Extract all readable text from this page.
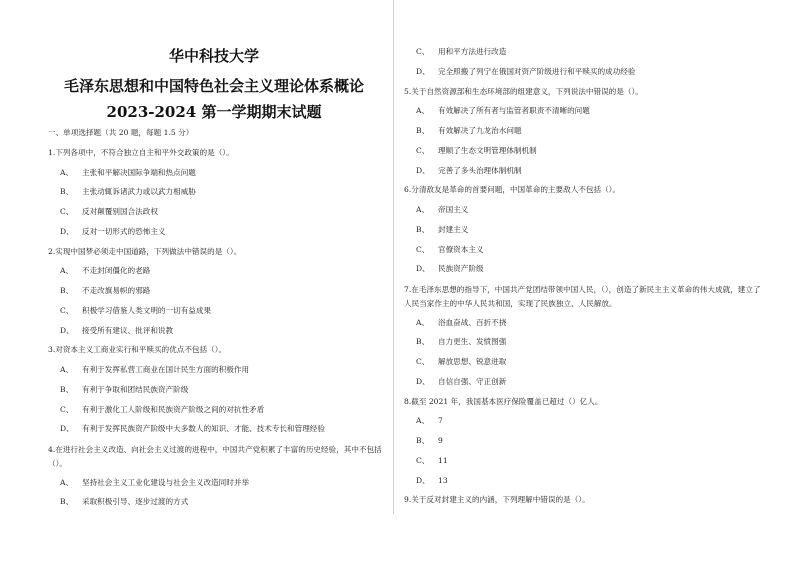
华中科技大学
毛泽东思想和中国特色社会主义理论体系概论
2023-2024 第一学期期末试题
一、单项选择题（共 20 题，每题 1.5 分）
1.下列各项中，不符合独立自主和平外交政策的是（）。
A、 主张和平解决国际争端和热点问题
B、 主张动辄诉诸武力或以武力相威胁
C、 反对颠覆别国合法政权
D、 反对一切形式的恐怖主义
2.实现中国梦必须走中国道路，下列做法中错误的是（）。
A、 不走封闭僵化的老路
B、 不走改旗易帜的邪路
C、 积极学习借鉴人类文明的一切有益成果
D、 接受所有建议、批评和说教
3.对资本主义工商业实行和平赎买的优点不包括（）。
A、 有利于发挥私营工商业在国计民生方面的积极作用
B、 有利于争取和团结民族资产阶级
C、 有利于激化工人阶级和民族资产阶级之间的对抗性矛盾
D、 有利于发挥民族资产阶级中大多数人的知识、才能、技术专长和管理经验
4.在进行社会主义改造、向社会主义过渡的进程中，中国共产党积累了丰富的历史经验，其中不包括（）。
A、 坚持社会主义工业化建设与社会主义改造同时并举
B、 采取积极引导、逐步过渡的方式
C、 用和平方法进行改造
D、 完全照搬了列宁在俄国对资产阶级进行和平赎买的成功经验
5.关于自然资源部和生态环境部的组建意义，下列说法中错误的是（）。
A、 有效解决了所有者与监管者职责不清晰的问题
B、 有效解决了九龙治水问题
C、 理顺了生态文明管理体制机制
D、 完善了多头治理体制机制
6.分清敌友是革命的首要问题，中国革命的主要敌人不包括（）。
A、 帝国主义
B、 封建主义
C、 官僚资本主义
D、 民族资产阶级
7.在毛泽东思想的指导下，中国共产党团结带领中国人民，（），创造了新民主主义革命的伟大成就，建立了人民当家作主的中华人民共和国，实现了民族独立、人民解放。
A、 浴血奋战、百折不挠
B、 自力更生、发愤图强
C、 解放思想、锐意进取
D、 自信自强、守正创新
8.截至 2021 年，我国基本医疗保险覆盖已超过（）亿人。
A、 7
B、 9
C、 11
D、 13
9.关于反对封建主义的内涵，下列理解中错误的是（）。
